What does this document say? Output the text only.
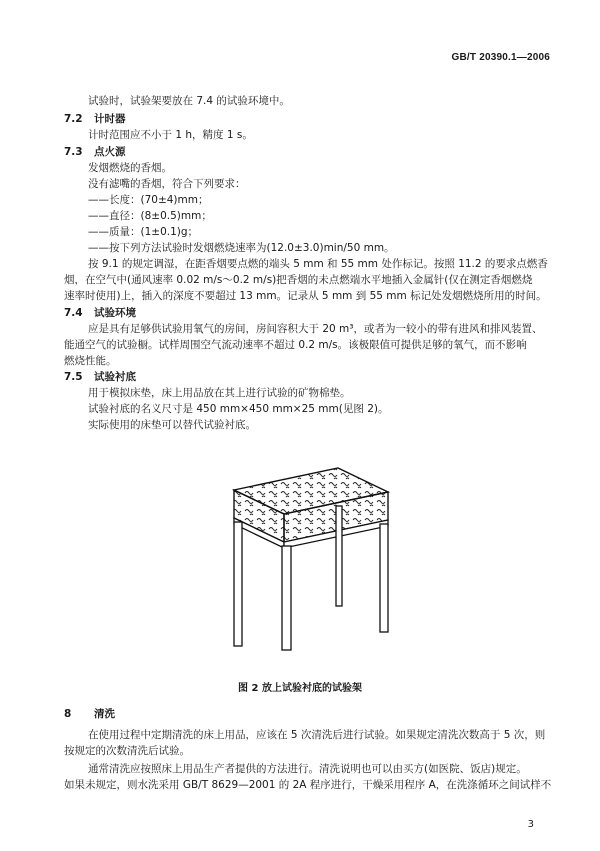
GB/T 20390.1—2006
试验时，试验架要放在 7.4 的试验环境中。
7.2 计时器
计时范围应不小于 1 h，精度 1 s。
7.3 点火源
发烟燃烧的香烟。
没有滤嘴的香烟，符合下列要求：
——长度：(70±4)mm；
——直径：(8±0.5)mm；
——质量：(1±0.1)g；
——按下列方法试验时发烟燃烧速率为(12.0±3.0)min/50 mm。
按 9.1 的规定调湿，在距香烟要点燃的端头 5 mm 和 55 mm 处作标记。按照 11.2 的要求点燃香
烟，在空气中(通风速率 0.02 m/s～0.2 m/s)把香烟的未点燃端水平地插入金属针(仅在测定香烟燃烧
速率时使用)上，插入的深度不要超过 13 mm。记录从 5 mm 到 55 mm 标记处发烟燃烧所用的时间。
7.4 试验环境
应是具有足够供试验用氧气的房间，房间容积大于 20 m³，或者为一较小的带有进风和排风装置、
能通空气的试验橱。试样周围空气流动速率不超过 0.2 m/s。该极限值可提供足够的氧气，而不影响
燃烧性能。
7.5 试验衬底
用于模拟床垫，床上用品放在其上进行试验的矿物棉垫。
试验衬底的名义尺寸是 450 mm×450 mm×25 mm(见图 2)。
实际使用的床垫可以替代试验衬底。
图 2 放上试验衬底的试验架
8 清洗
在使用过程中定期清洗的床上用品，应该在 5 次清洗后进行试验。如果规定清洗次数高于 5 次，则
按规定的次数清洗后试验。
通常清洗应按照床上用品生产者提供的方法进行。清洗说明也可以由买方(如医院、饭店)规定。
如果未规定，则水洗采用 GB/T 8629—2001 的 2A 程序进行，干燥采用程序 A，在洗涤循环之间试样不
3
